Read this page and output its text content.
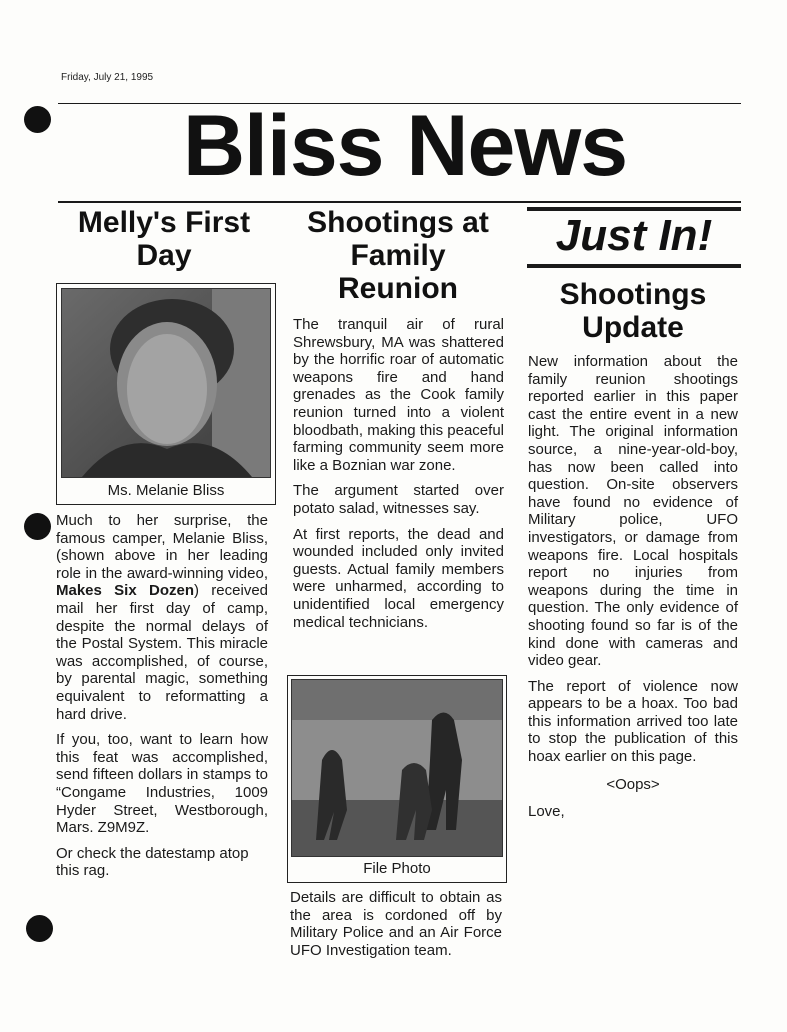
Friday, July 21, 1995
Bliss News
Melly's First Day
Ms. Melanie Bliss

Much to her surprise, the famous camper, Melanie Bliss, (shown above in her leading role in the award-winning video, Makes Six Dozen) received mail her first day of camp, despite the normal delays of the Postal System. This miracle was accomplished, of course, by parental magic, something equivalent to reformatting a hard drive.

If you, too, want to learn how this feat was accomplished, send fifteen dollars in stamps to “Congame Industries, 1009 Hyder Street, Westborough, Mars. Z9M9Z.

Or check the datestamp atop this rag.

Shootings at Family Reunion

The tranquil air of rural Shrewsbury, MA was shattered by the horrific roar of automatic weapons fire and hand grenades as the Cook family reunion turned into a violent bloodbath, making this peaceful farming community seem more like a Boznian war zone.

The argument started over potato salad, witnesses say.

At first reports, the dead and wounded included only invited guests. Actual family members were unharmed, according to unidentified local emergency medical technicians.

File Photo

Details are difficult to obtain as the area is cordoned off by Military Police and an Air Force UFO Investigation team.

Just In!
Shootings Update

New information about the family reunion shootings reported earlier in this paper cast the entire event in a new light. The original information source, a nine-year-old-boy, has now been called into question. On-site observers have found no evidence of Military police, UFO investigators, or damage from weapons fire. Local hospitals report no injuries from weapons during the time in question. The only evidence of shooting found so far is of the kind done with cameras and video gear.

The report of violence now appears to be a hoax. Too bad this information arrived too late to stop the publication of this hoax earlier on this page.

<Oops>

Love,
